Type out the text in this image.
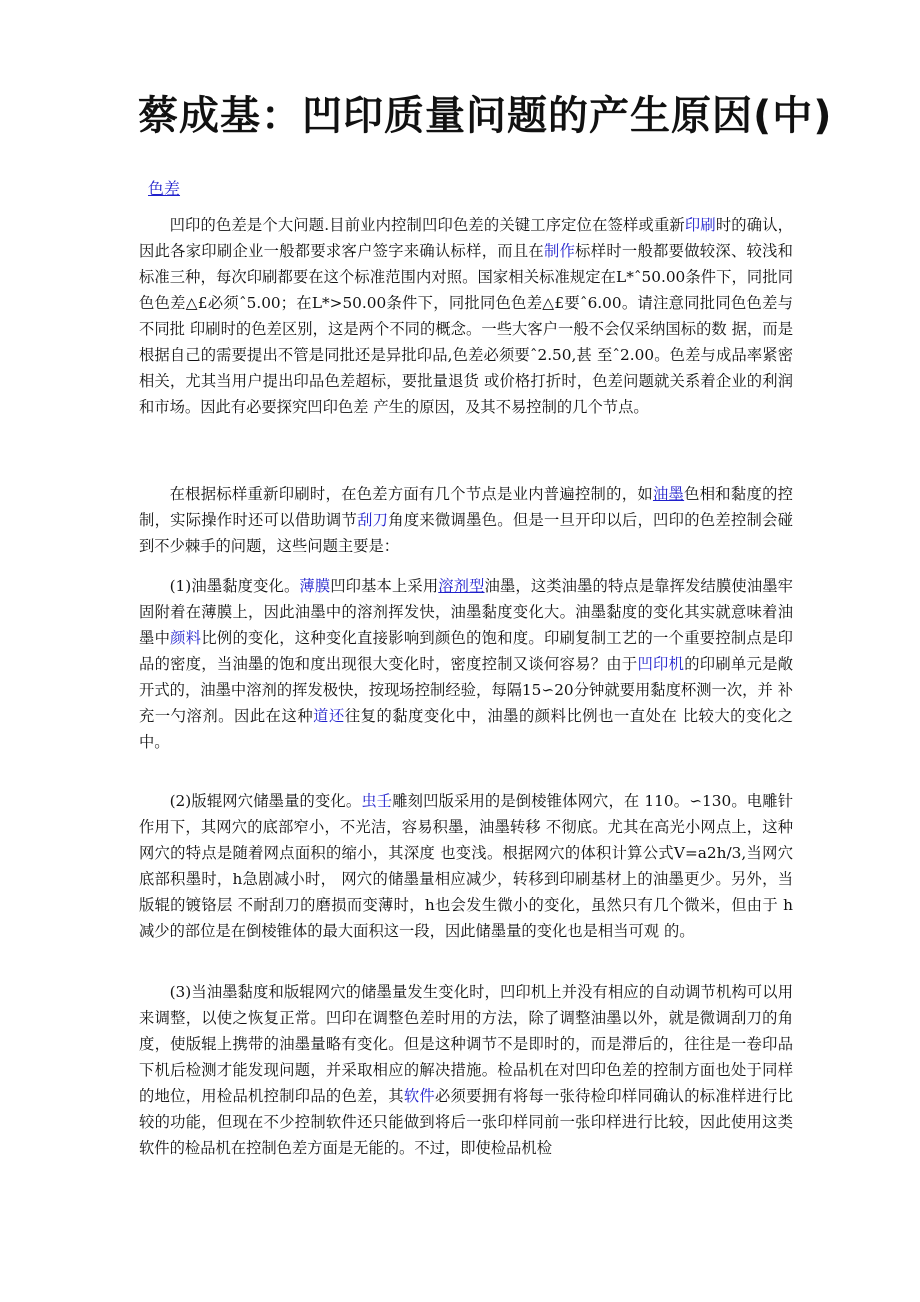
蔡成基：凹印质量问题的产生原因(中)
色差

凹印的色差是个大问题.目前业内控制凹印色差的关键工序定位在签样或重新印刷时的确认，因此各家印刷企业一般都要求客户签字来确认标样，而且在制作标样时一般都要做较深、较浅和标准三种，每次印刷都要在这个标准范围内对照。国家相关标准规定在L*ˆ50.00条件下，同批同色色差△£必须ˆ5.00；在L*>50.00条件下，同批同色色差△£要ˆ6.00。请注意同批同色色差与不同批 印刷时的色差区别，这是两个不同的概念。一些大客户一般不会仅采纳国标的数 据，而是根据自己的需要提出不管是同批还是异批印品,色差必须要ˆ2.50,甚 至ˆ2.00。色差与成品率紧密相关，尤其当用户提出印品色差超标，要批量退货 或价格打折时，色差问题就关系着企业的利润和市场。因此有必要探究凹印色差 产生的原因，及其不易控制的几个节点。

在根据标样重新印刷时，在色差方面有几个节点是业内普遍控制的，如油墨色相和黏度的控制，实际操作时还可以借助调节刮刀角度来微调墨色。但是一旦开印以后，凹印的色差控制会碰到不少棘手的问题，这些问题主要是：

(1)油墨黏度变化。薄膜凹印基本上采用溶剂型油墨，这类油墨的特点是靠挥发结膜使油墨牢固附着在薄膜上，因此油墨中的溶剂挥发快，油墨黏度变化大。油墨黏度的变化其实就意味着油墨中颜料比例的变化，这种变化直接影响到颜色的饱和度。印刷复制工艺的一个重要控制点是印品的密度，当油墨的饱和度出现很大变化时，密度控制又谈何容易？由于凹印机的印刷单元是敞开式的，油墨中溶剂的挥发极快，按现场控制经验，每隔15∽20分钟就要用黏度杯测一次，并 补充一勺溶剂。因此在这种道还往复的黏度变化中，油墨的颜料比例也一直处在 比较大的变化之中。

(2)版辊网穴储墨量的变化。虫壬雕刻凹版采用的是倒棱锥体网穴，在 110。∽130。电雕针作用下，其网穴的底部窄小，不光洁，容易积墨，油墨转移 不彻底。尤其在高光小网点上，这种网穴的特点是随着网点面积的缩小，其深度 也变浅。根据网穴的体积计算公式V=a2h/3,当网穴底部积墨时，h急剧减小时， 网穴的储墨量相应减少，转移到印刷基材上的油墨更少。另外，当版辊的镀铬层 不耐刮刀的磨损而变薄时，h也会发生微小的变化，虽然只有几个微米，但由于 h减少的部位是在倒棱锥体的最大面积这一段，因此储墨量的变化也是相当可观 的。

(3)当油墨黏度和版辊网穴的储墨量发生变化时，凹印机上并没有相应的自动调节机构可以用来调整，以使之恢复正常。凹印在调整色差时用的方法，除了调整油墨以外，就是微调刮刀的角度，使版辊上携带的油墨量略有变化。但是这种调节不是即时的，而是滞后的，往往是一卷印品下机后检测才能发现问题，并采取相应的解决措施。检品机在对凹印色差的控制方面也处于同样的地位，用检品机控制印品的色差，其软件必须要拥有将每一张待检印样同确认的标准样进行比较的功能，但现在不少控制软件还只能做到将后一张印样同前一张印样进行比较，因此使用这类软件的检品机在控制色差方面是无能的。不过，即使检品机检
